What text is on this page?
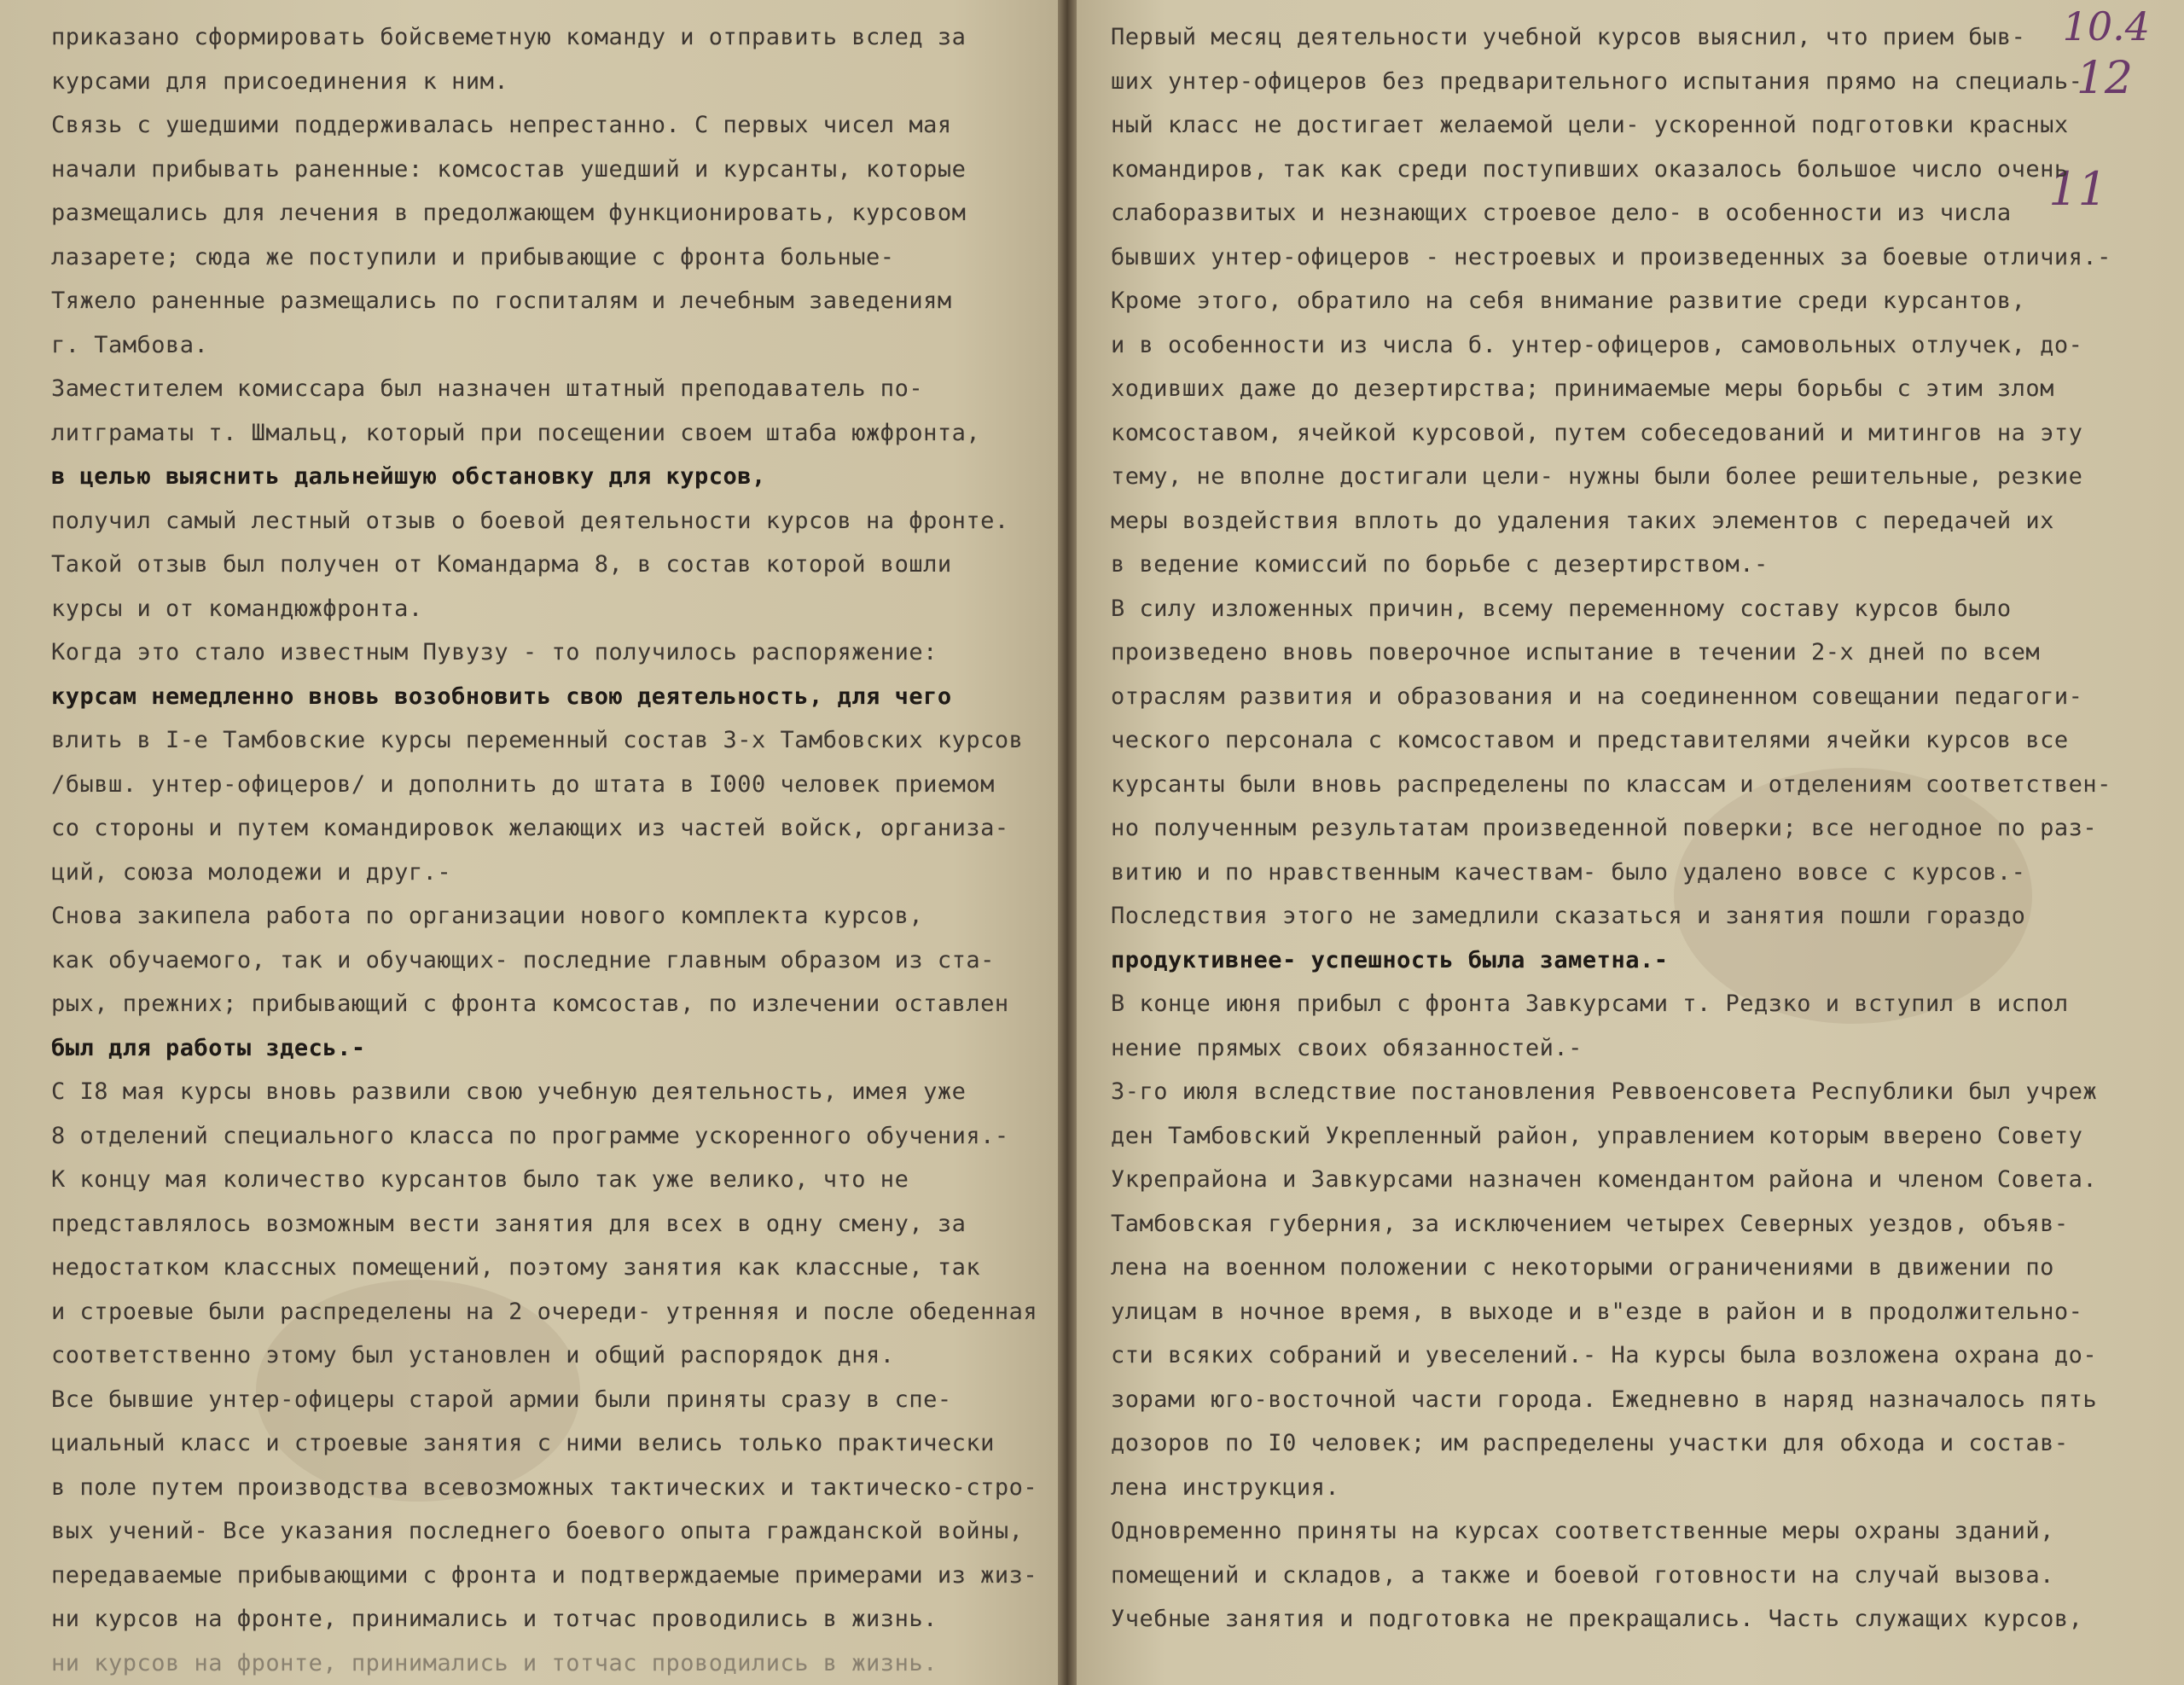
приказано сформировать бойсвеметную команду и отправить вслед за
курсами для присоединения к ним.
Связь с ушедшими поддерживалась непрестанно. С первых чисел мая
начали прибывать раненные: комсостав ушедший и курсанты, которые
размещались для лечения в предолжающем функционировать, курсовом
лазарете; сюда же поступили и прибывающие с фронта больные-
Тяжело раненные размещались по госпиталям и лечебным заведениям
г. Тамбова.
Заместителем комиссара был назначен штатный преподаватель по-
литграматы т. Шмальц, который при посещении своем штаба южфронта,
в целью выяснить дальнейшую обстановку для курсов,
получил самый лестный отзыв о боевой деятельности курсов на фронте.
Такой отзыв был получен от Командарма 8, в состав которой вошли
курсы и от командюжфронта.
Когда это стало известным Пувузу - то получилось распоряжение:
курсам немедленно вновь возобновить свою деятельность, для чего
влить в I-е Тамбовские курсы переменный состав 3-х Тамбовских курсов
/бывш. унтер-офицеров/ и дополнить до штата в I000 человек приемом
со стороны и путем командировок желающих из частей войск, организа-
ций, союза молодежи и друг.-
Снова закипела работа по организации нового комплекта курсов,
как обучаемого, так и обучающих- последние главным образом из ста-
рых, прежних; прибывающий с фронта комсостав, по излечении оставлен
был для работы здесь.-
С I8 мая курсы вновь развили свою учебную деятельность, имея уже
8 отделений специального класса по программе ускоренного обучения.-
К концу мая количество курсантов было так уже велико, что не
представлялось возможным вести занятия для всех в одну смену, за
недостатком классных помещений, поэтому занятия как классные, так
и строевые были распределены на 2 очереди- утренняя и после обеденная
соответственно этому был установлен и общий распорядок дня.
Все бывшие унтер-офицеры старой армии были приняты сразу в спе-
циальный класс и строевые занятия с ними велись только практически
в поле путем производства всевозможных тактических и тактическо-стро-
вых учений- Все указания последнего боевого опыта гражданской войны,
передаваемые прибывающими с фронта и подтверждаемые примерами из жиз-
ни курсов на фронте, принимались и тотчас проводились в жизнь.
ни курсов на фронте, принимались и тотчас проводились в жизнь.
10.4
12
11
Первый месяц деятельности учебной курсов выяснил, что прием быв-
ших унтер-офицеров без предварительного испытания прямо на специаль-
ный класс не достигает желаемой цели- ускоренной подготовки красных
командиров, так как среди поступивших оказалось большое число очень
слаборазвитых и незнающих строевое дело- в особенности из числа
бывших унтер-офицеров - нестроевых и произведенных за боевые отличия.-
Кроме этого, обратило на себя внимание развитие среди курсантов,
и в особенности из числа б. унтер-офицеров, самовольных отлучек, до-
ходивших даже до дезертирства; принимаемые меры борьбы с этим злом
комсоставом, ячейкой курсовой, путем собеседований и митингов на эту
тему, не вполне достигали цели- нужны были более решительные, резкие
меры воздействия вплоть до удаления таких элементов с передачей их
в ведение комиссий по борьбе с дезертирством.-
В силу изложенных причин, всему переменному составу курсов было
произведено вновь поверочное испытание в течении 2-х дней по всем
отраслям развития и образования и на соединенном совещании педагоги-
ческого персонала с комсоставом и представителями ячейки курсов все
курсанты были вновь распределены по классам и отделениям соответствен-
но полученным результатам произведенной поверки; все негодное по раз-
витию и по нравственным качествам- было удалено вовсе с курсов.-
Последствия этого не замедлили сказаться и занятия пошли гораздо
продуктивнее- успешность была заметна.-
В конце июня прибыл с фронта Завкурсами т. Редзко и вступил в испол
нение прямых своих обязанностей.-
3-го июля вследствие постановления Реввоенсовета Республики был учреж
ден Тамбовский Укрепленный район, управлением которым вверено Совету
Укрепрайона и Завкурсами назначен комендантом района и членом Совета.
Тамбовская губерния, за исключением четырех Северных уездов, объяв-
лена на военном положении с некоторыми ограничениями в движении по
улицам в ночное время, в выходе и в"езде в район и в продолжительно-
сти всяких собраний и увеселений.- На курсы была возложена охрана до-
зорами юго-восточной части города. Ежедневно в наряд назначалось пять
дозоров по I0 человек; им распределены участки для обхода и состав-
лена инструкция.
Одновременно приняты на курсах соответственные меры охраны зданий,
помещений и складов, а также и боевой готовности на случай вызова.
Учебные занятия и подготовка не прекращались. Часть служащих курсов,
